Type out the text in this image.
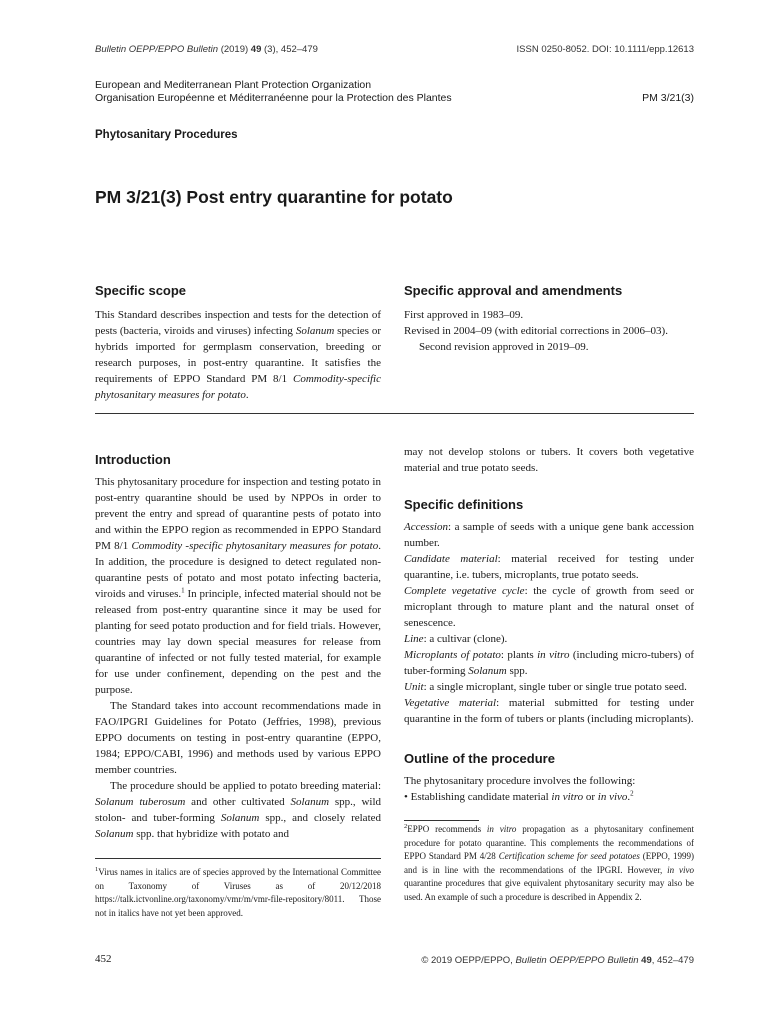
Bulletin OEPP/EPPO Bulletin (2019) 49 (3), 452–479	ISSN 0250-8052. DOI: 10.1111/epp.12613
European and Mediterranean Plant Protection Organization
Organisation Européenne et Méditerranéenne pour la Protection des Plantes	PM 3/21(3)
Phytosanitary Procedures
PM 3/21(3) Post entry quarantine for potato
Specific scope

This Standard describes inspection and tests for the detection of pests (bacteria, viroids and viruses) infecting Solanum species or hybrids imported for germplasm conservation, breeding or research purposes, in post-entry quarantine. It satisfies the requirements of EPPO Standard PM 8/1 Commodity-specific phytosanitary measures for potato.

Specific approval and amendments
First approved in 1983–09.
Revised in 2004–09 (with editorial corrections in 2006–03).
Second revision approved in 2019–09.
Introduction

This phytosanitary procedure for inspection and testing potato in post-entry quarantine should be used by NPPOs in order to prevent the entry and spread of quarantine pests of potato into and within the EPPO region as recommended in EPPO Standard PM 8/1 Commodity -specific phytosanitary measures for potato. In addition, the procedure is designed to detect regulated non-quarantine pests of potato and most potato infecting bacteria, viroids and viruses.$^1$ In principle, infected material should not be released from post-entry quarantine since it may be used for planting for seed potato production and for field trials. However, countries may lay down special measures for release from quarantine of infected or not fully tested material, for example for use under confinement, depending on the pest and the purpose.

The Standard takes into account recommendations made in FAO/IPGRI Guidelines for Potato (Jeffries, 1998), previous EPPO documents on testing in post-entry quarantine (EPPO, 1984; EPPO/CABI, 1996) and methods used by various EPPO member countries.

The procedure should be applied to potato breeding material: Solanum tuberosum and other cultivated Solanum spp., wild stolon- and tuber-forming Solanum spp., and closely related Solanum spp. that hybridize with potato and

$^1$Virus names in italics are of species approved by the International Committee on Taxonomy of Viruses as of 20/12/2018 https://talk.ictvonline.org/taxonomy/vmr/m/vmr-file-repository/8011. Those not in italics have not yet been approved.

may not develop stolons or tubers. It covers both vegetative material and true potato seeds.
Specific definitions

Accession: a sample of seeds with a unique gene bank accession number.

Candidate material: material received for testing under quarantine, i.e. tubers, microplants, true potato seeds.

Complete vegetative cycle: the cycle of growth from seed or microplant through to mature plant and the natural onset of senescence.

Line: a cultivar (clone).

Microplants of potato: plants in vitro (including micro-tubers) of tuber-forming Solanum spp.

Unit: a single microplant, single tuber or single true potato seed.

Vegetative material: material submitted for testing under quarantine in the form of tubers or plants (including microplants).

Outline of the procedure
The phytosanitary procedure involves the following:
• Establishing candidate material in vitro or in vivo.$^2$

$^2$EPPO recommends in vitro propagation as a phytosanitary confinement procedure for potato quarantine. This complements the recommendations of EPPO Standard PM 4/28 Certification scheme for seed potatoes (EPPO, 1999) and is in line with the recommendations of the IPGRI. However, in vivo quarantine procedures that give equivalent phytosanitary security may also be used. An example of such a procedure is described in Appendix 2.

452	© 2019 OEPP/EPPO, Bulletin OEPP/EPPO Bulletin 49, 452–479
